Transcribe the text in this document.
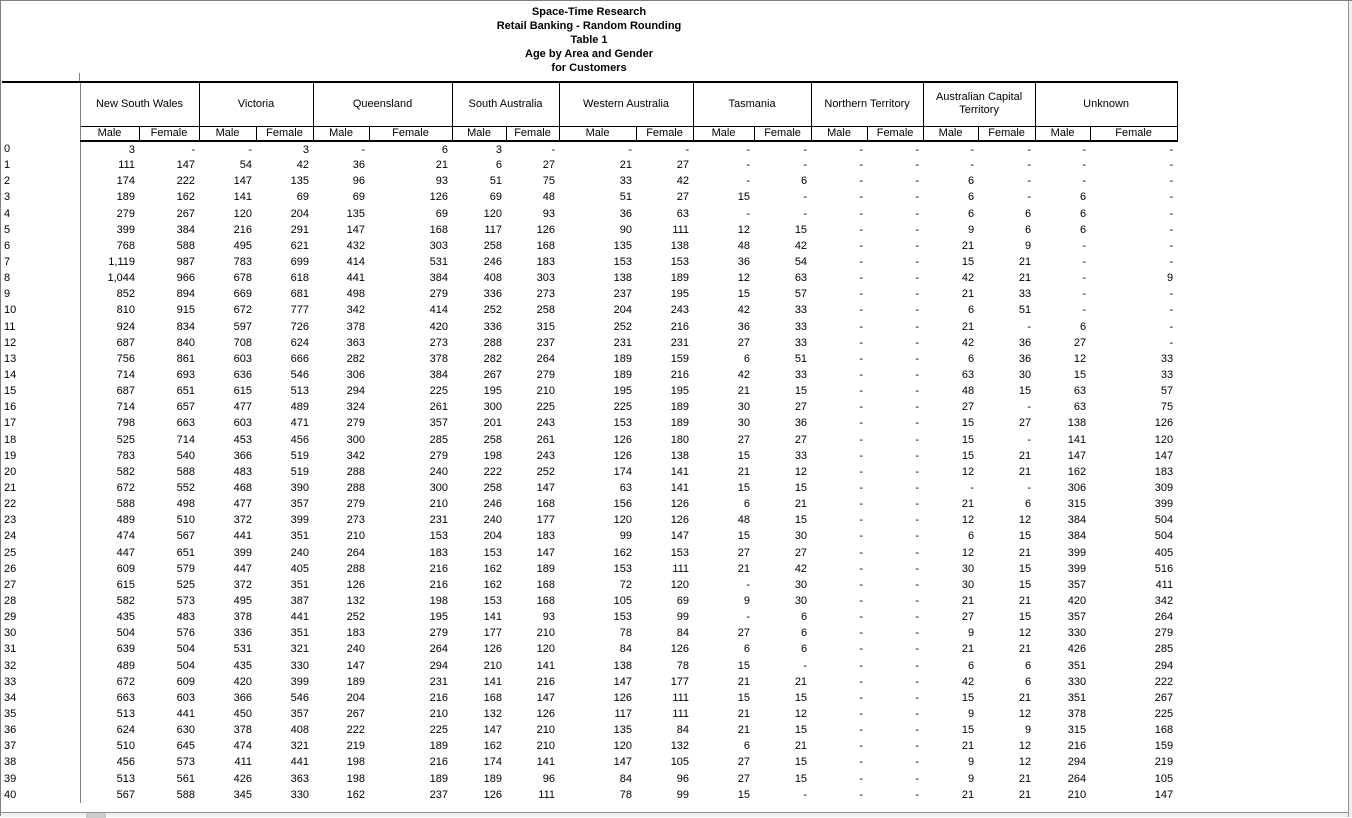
Space-Time Research
Retail Banking - Random Rounding
Table 1
Age by Area and Gender
for Customers
	New South Wales		Victoria		Queensland		South Australia		Western Australia		Tasmania		Northern Territory		Australian Capital Territory		Unknown	
	Male	Female	Male	Female	Male	Female	Male	Female	Male	Female	Male	Female	Male	Female	Male	Female	Male	Female
0	3	-	-	3	-	6	3	-	-	-	-	-	-	-	-	-	-	-
1	111	147	54	42	36	21	6	27	21	27	-	-	-	-	-	-	-	-
2	174	222	147	135	96	93	51	75	33	42	-	6	-	-	6	-	-	-
3	189	162	141	69	69	126	69	48	51	27	15	-	-	-	6	-	6	-
4	279	267	120	204	135	69	120	93	36	63	-	-	-	-	6	6	6	-
5	399	384	216	291	147	168	117	126	90	111	12	15	-	-	9	6	6	-
6	768	588	495	621	432	303	258	168	135	138	48	42	-	-	21	9	-	-
7	1,119	987	783	699	414	531	246	183	153	153	36	54	-	-	15	21	-	-
8	1,044	966	678	618	441	384	408	303	138	189	12	63	-	-	42	21	-	9
9	852	894	669	681	498	279	336	273	237	195	15	57	-	-	21	33	-	-
10	810	915	672	777	342	414	252	258	204	243	42	33	-	-	6	51	-	-
11	924	834	597	726	378	420	336	315	252	216	36	33	-	-	21	-	6	-
12	687	840	708	624	363	273	288	237	231	231	27	33	-	-	42	36	27	-
13	756	861	603	666	282	378	282	264	189	159	6	51	-	-	6	36	12	33
14	714	693	636	546	306	384	267	279	189	216	42	33	-	-	63	30	15	33
15	687	651	615	513	294	225	195	210	195	195	21	15	-	-	48	15	63	57
16	714	657	477	489	324	261	300	225	225	189	30	27	-	-	27	-	63	75
17	798	663	603	471	279	357	201	243	153	189	30	36	-	-	15	27	138	126
18	525	714	453	456	300	285	258	261	126	180	27	27	-	-	15	-	141	120
19	783	540	366	519	342	279	198	243	126	138	15	33	-	-	15	21	147	147
20	582	588	483	519	288	240	222	252	174	141	21	12	-	-	12	21	162	183
21	672	552	468	390	288	300	258	147	63	141	15	15	-	-	-	-	306	309
22	588	498	477	357	279	210	246	168	156	126	6	21	-	-	21	6	315	399
23	489	510	372	399	273	231	240	177	120	126	48	15	-	-	12	12	384	504
24	474	567	441	351	210	153	204	183	99	147	15	30	-	-	6	15	384	504
25	447	651	399	240	264	183	153	147	162	153	27	27	-	-	12	21	399	405
26	609	579	447	405	288	216	162	189	153	111	21	42	-	-	30	15	399	516
27	615	525	372	351	126	216	162	168	72	120	-	30	-	-	30	15	357	411
28	582	573	495	387	132	198	153	168	105	69	9	30	-	-	21	21	420	342
29	435	483	378	441	252	195	141	93	153	99	-	6	-	-	27	15	357	264
30	504	576	336	351	183	279	177	210	78	84	27	6	-	-	9	12	330	279
31	639	504	531	321	240	264	126	120	84	126	6	6	-	-	21	21	426	285
32	489	504	435	330	147	294	210	141	138	78	15	-	-	-	6	6	351	294
33	672	609	420	399	189	231	141	216	147	177	21	21	-	-	42	6	330	222
34	663	603	366	546	204	216	168	147	126	111	15	15	-	-	15	21	351	267
35	513	441	450	357	267	210	132	126	117	111	21	12	-	-	9	12	378	225
36	624	630	378	408	222	225	147	210	135	84	21	15	-	-	15	9	315	168
37	510	645	474	321	219	189	162	210	120	132	6	21	-	-	21	12	216	159
38	456	573	411	441	198	216	174	141	147	105	27	15	-	-	9	12	294	219
39	513	561	426	363	198	189	189	96	84	96	27	15	-	-	9	21	264	105
40	567	588	345	330	162	237	126	111	78	99	15	-	-	-	21	21	210	147
